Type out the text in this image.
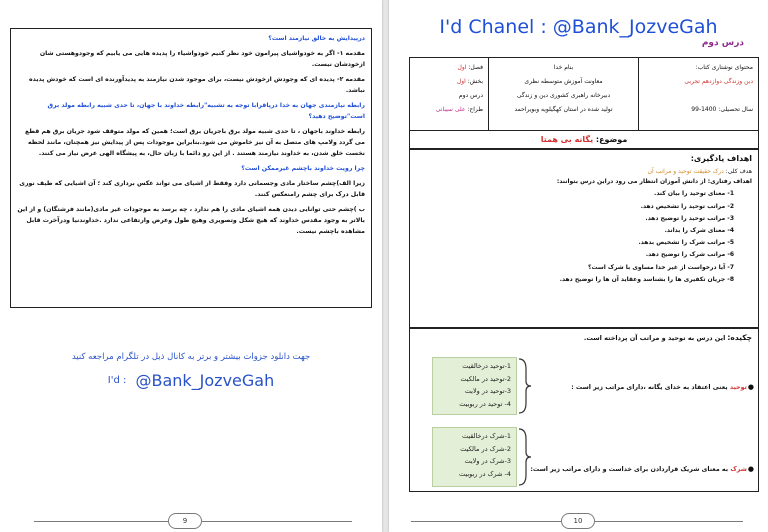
درپیدایش به خالق نیازمند است؟

مقدمه ۱- اگر به خودواشیای پیرامون خود نظر کنیم خودواشیاء را پدیده هایی می یابیم که وجودوهستی شان ازخودشان نیست.

مقدمه ۲- پدیده ای که وجودش ازخودش نیست، برای موجود شدن نیازمند به پدیدآورنده ای است که خودش پدیده نباشد.

رابطه نیازمندی جهان به خدا درپاقرابا توجه به تشبیه"رابطه خداوند با جهان، تا حدی شبیه رابطه مولد برق است"توضیح دهید؟

رابطه خداوند باجهان ، تا حدی شبیه مولد برق باجریان برق است؛ همین که مولد متوقف شود جریان برق هم قطع می گردد ولامپ های متصل به آن نیز خاموش می شود.بنابراین موجودات پس از پیدایش نیز همچنان، مانند لحظه نخست خلق شدن، به خداوند نیازمند هستند . از این رو دائما با زبان حال، به پیشگاه الهی عرض نیاز می کنند.

چرا رویت خداوند باچشم غیرممکن است؟

زیرا الف)چشم ساختار مادی وجسمانی دارد وفقط از اشیای می تواند عکس برداری کند ؛ آن اشیایی که طیف نوری قابل درک برای چشم رامنعکس کنند.

ب )چشم حتی توانایی دیدن همه اشیای مادی را هم ندارد ، چه برسد به موجودات غیر مادی(مانند فرشتگان) و از این بالاتر به وجود مقدس خداوند که هیچ شکل وتصویری وهیچ طول وعرض وارتفاعی ندارد .خداوندنیا ودرآخرت قابل مشاهده باچشم نیست.

جهت دانلود جزوات بیشتر و برتر به کانال ذیل در تلگرام مراجعه کنید
I'd : @Bank_JozveGah
9
I'd Chanel : @Bank_JozveGah
درس دوم
محتوای نوشتاری کتاب:
دین وزندگی دوازدهم تجربی

سال تحصیلی: 1400-99
بنام خدا
معاونت آموزش متوسطه نظری
دبیرخانه راهبری کشوری دین و زندگی
تولید شده در استان کهگیلویه وبویراحمد
فصل: اول
بخش: اول
درس دوم
طراح: علی سیبانی
موضوع: یگانه بی همتا
اهداف یادگیری:
هدف کلی: درک حقیقت توحید و مراتب آن
اهداف رفتاری: از دانش آموزان انتظار می رود دراین درس بتوانند:
1- معنای توحید را بیان کند.
2- مراتب توحید را تشخیص دهد.
3- مراتب توحید را توضیح دهد.
4- معنای شرک را بداند.
5- مراتب شرک را تشخیص بدهد.
6- مراتب شرک را توضیح دهد.
7- آیا درخواست از غیر خدا مساوی با شرک است؟
8- جریان تکفیری ها را بشناسد وعقاید آن ها را توضیح دهد.
چکیده: این درس به توحید و مراتب آن پرداخته است.
●توحید یعنی اعتقاد به خدای یگانه ،دارای مراتب زیر است :
1-توحید درخالقیت
2-توحید در مالکیت
3-توحید در ولایت
4- توحید در ربوبیت
●شرک به معنای شریک قراردادن برای خداست و دارای مراتب زیر است:
1-شرک درخالقیت
2-شرک در مالکیت
3-شرک در ولایت
4- شرک در ربوبیت
10
